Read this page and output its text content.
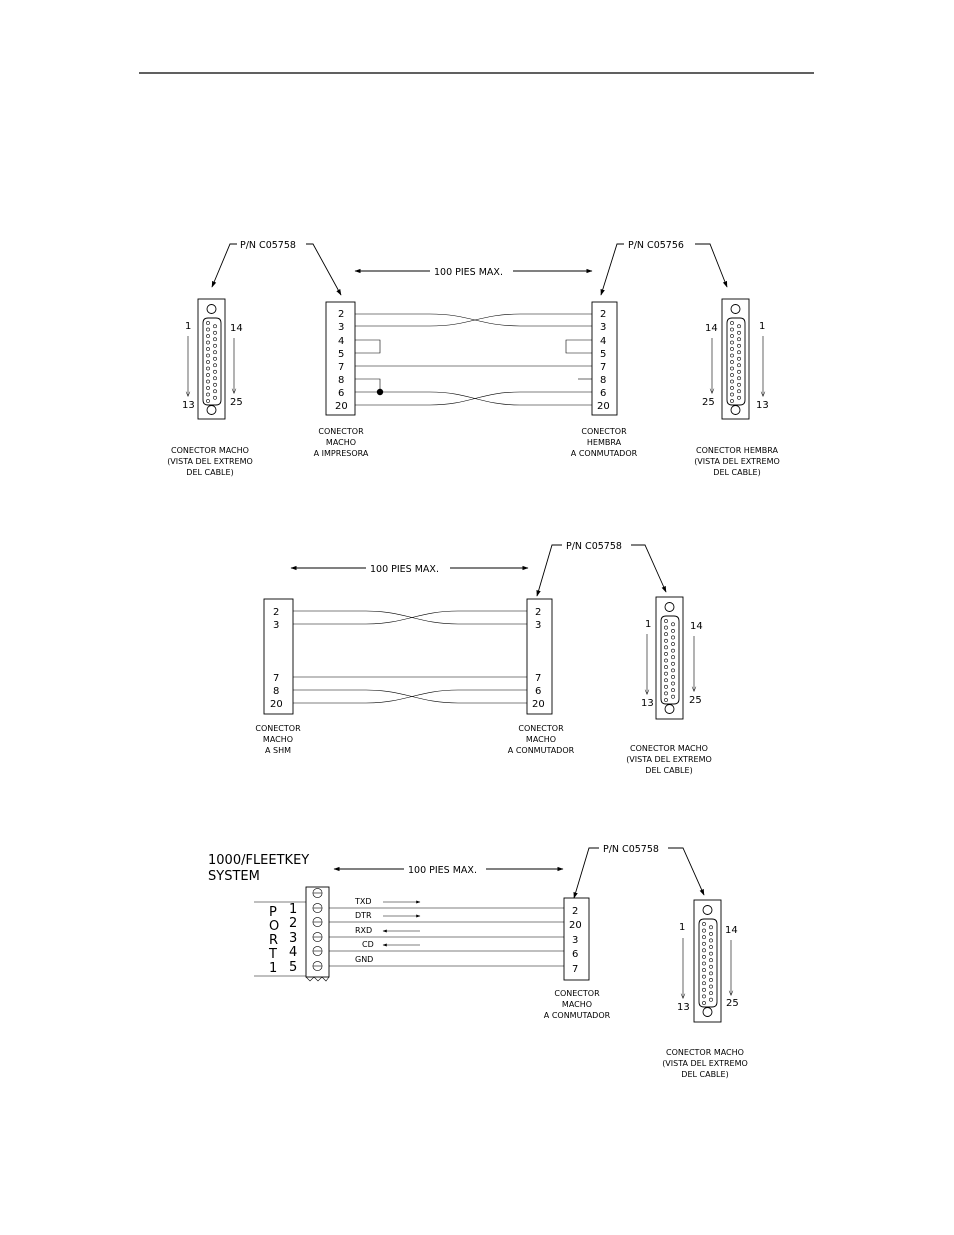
P/N C05758	P/N C05756
100 PIES MAX.
1	14
13	25
CONECTOR MACHO
(VISTA DEL EXTREMO
DEL CABLE)
2
3
4
5
7
8
6
20
CONECTOR
MACHO
A IMPRESORA
2
3
4
5
7
8
6
20
CONECTOR
HEMBRA
A CONMUTADOR
14	1
25	13
CONECTOR HEMBRA
(VISTA DEL EXTREMO
DEL CABLE)
P/N C05758
100 PIES MAX.
2
3
7
8
20
CONECTOR
MACHO
A SHM
2
3
7
6
20
CONECTOR
MACHO
A CONMUTADOR
1	14
13	25
CONECTOR MACHO
(VISTA DEL EXTREMO
DEL CABLE)
1000/FLEETKEY
SYSTEM
P/N C05758
100 PIES MAX.
P
O
R
T
1
1
2
3
4
5
TXD
DTR
RXD
CD
GND
2
20
3
6
7
CONECTOR
MACHO
A CONMUTADOR
1	14
13	25
CONECTOR MACHO
(VISTA DEL EXTREMO
DEL CABLE)
